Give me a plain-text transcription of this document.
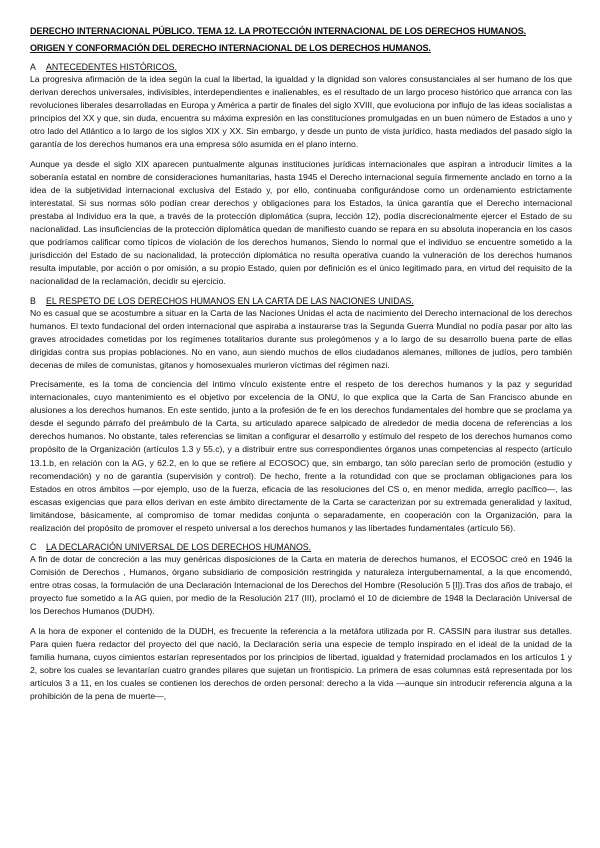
DERECHO INTERNACIONAL PÚBLICO. TEMA 12. LA PROTECCIÓN INTERNACIONAL DE LOS DERECHOS HUMANOS.
ORIGEN Y CONFORMACIÓN DEL DERECHO INTERNACIONAL DE LOS DERECHOS HUMANOS.
A ANTECEDENTES HISTÓRICOS.

La progresiva afirmación de la idea según la cual la libertad, la igualdad y la dignidad son valores consustanciales al ser humano de los que derivan derechos universales, indivisibles, interdependientes e inalienables, es el resultado de un largo proceso histórico que arranca con las revoluciones liberales desarrolladas en Europa y América a partir de finales del siglo XVIII, que evoluciona por influjo de las ideas socialistas a principios del XX y que, sin duda, encuentra su máxima expresión en las constituciones promulgadas en un buen número de Estados a uno y otro lado del Atlántico a lo largo de los siglos XIX y XX. Sin embargo, y desde un punto de vista jurídico, hasta mediados del pasado siglo la garantía de los derechos humanos era una empresa sólo asumida en el plano interno.

Aunque ya desde el siglo XIX aparecen puntualmente algunas instituciones jurídicas internacionales que aspiran a introducir límites a la soberanía estatal en nombre de consideraciones humanitarias, hasta 1945 el Derecho internacional seguía firmemente anclado en torno a la idea de la subjetividad internacional exclusiva del Estado y, por ello, continuaba configurándose como un ordenamiento estrictamente interestatal. Si sus normas sólo podían crear derechos y obligaciones para los Estados, la única garantía que el Derecho internacional prestaba al Individuo era la que, a través de la protección diplomática (supra, lección 12), podía discrecionalmente ejercer el Estado de su nacionalidad. Las insuficiencias de la protección diplomática quedan de manifiesto cuando se repara en su absoluta inoperancia en los casos que podríamos calificar como típicos de violación de los derechos humanos, Siendo lo normal que el individuo se encuentre sometido a la jurisdicción del Estado de su nacionalidad, la protección diplomática no resulta operativa cuando la vulneración de los derechos humanos resulta imputable, por acción o por omisión, a su propio Estado, quien por definición es el único legitimado para, en virtud del requisito de la nacionalidad de la reclamación, decidir su ejercicio.

B EL RESPETO DE LOS DERECHOS HUMANOS EN LA CARTA DE LAS NACIONES UNIDAS.

No es casual que se acostumbre a situar en la Carta de las Naciones Unidas el acta de nacimiento del Derecho internacional de los derechos humanos. El texto fundacional del orden internacional que aspiraba a instaurarse tras la Segunda Guerra Mundial no podía pasar por alto las graves atrocidades cometidas por los regímenes totalitarios durante sus prolegómenos y a lo largo de su desarrollo buena parte de ellas dirigidas contra sus propias poblaciones. No en vano, aun siendo muchos de ellos ciudadanos alemanes, millones de judíos, pero también decenas de miles de comunistas, gitanos y homosexuales murieron víctimas del régimen nazi.

Precisamente, es la toma de conciencia del íntimo vínculo existente entre el respeto de los derechos humanos y la paz y seguridad internacionales, cuyo mantenimiento es el objetivo por excelencia de la ONU, lo que explica que la Carta de San Francisco abunde en alusiones a los derechos humanos. En este sentido, junto a la profesión de fe en los derechos fundamentales del hombre que se proclama ya desde el segundo párrafo del preámbulo de la Carta, su articulado aparece salpicado de alrededor de media docena de referencias a los derechos humanos. No obstante, tales referencias se limitan a configurar el desarrollo y estímulo del respeto de los derechos humanos como propósito de la Organización (artículos 1.3 y 55.c), y a distribuir entre sus correspondientes órganos unas competencias al respecto (artículo 13.1.b, en relación con la AG, y 62.2, en lo que se refiere al ECOSOC) que, sin embargo, tan sólo parecían serlo de promoción (estudio y recomendación) y no de garantía (supervisión y control). De hecho, frente a la rotundidad con que se proclaman obligaciones para los Estados en otros ámbitos —por ejemplo, uso de la fuerza, eficacia de las resoluciones del CS o, en menor medida, arreglo pacífico—, las escasas exigencias que para ellos derivan en este ámbito directamente de la Carta se caracterizan por su extremada generalidad y laxitud, limitándose, básicamente, al compromiso de tomar medidas conjunta o separadamente, en cooperación con la Organización, para la realización del propósito de promover el respeto universal a los derechos humanos y las libertades fundamentales (artículo 56).

C LA DECLARACIÓN UNIVERSAL DE LOS DERECHOS HUMANOS.

A fin de dotar de concreción a las muy genéricas disposiciones de la Carta en materia de derechos humanos, el ECOSOC creó en 1946 la Comisión de Derechos , Humanos, órgano subsidiario de composición restringida y naturaleza intergubernamental, a la que encomendó, entre otras cosas, la formulación de una Declaración Internacional de los Derechos del Hombre (Resolución 5 [I]).Tras dos años de trabajo, el proyecto fue sometido a la AG quien, por medio de la Resolución 217 (III), proclamó el 10 de diciembre de 1948 la Declaración Universal de los Derechos Humanos (DUDH).

A la hora de exponer el contenido de la DUDH, es frecuente la referencia a la metáfora utilizada por R. CASSIN para ilustrar sus detalles. Para quien fuera redactor del proyecto del que nació, la Declaración sería una especie de templo inspirado en el ideal de la unidad de la familia humana, cuyos cimientos estarían representados por los principios de libertad, igualdad y fraternidad proclamados en los artículos 1 y 2, sobre los cuales se levantarían cuatro grandes pilares que sujetan un frontispicio. La primera de esas columnas está representada por los artículos 3 a 11, en los cuales se contienen los derechos de orden personal: derecho a la vida —aunque sin introducir referencia alguna a la prohibición de la pena de muerte—,
